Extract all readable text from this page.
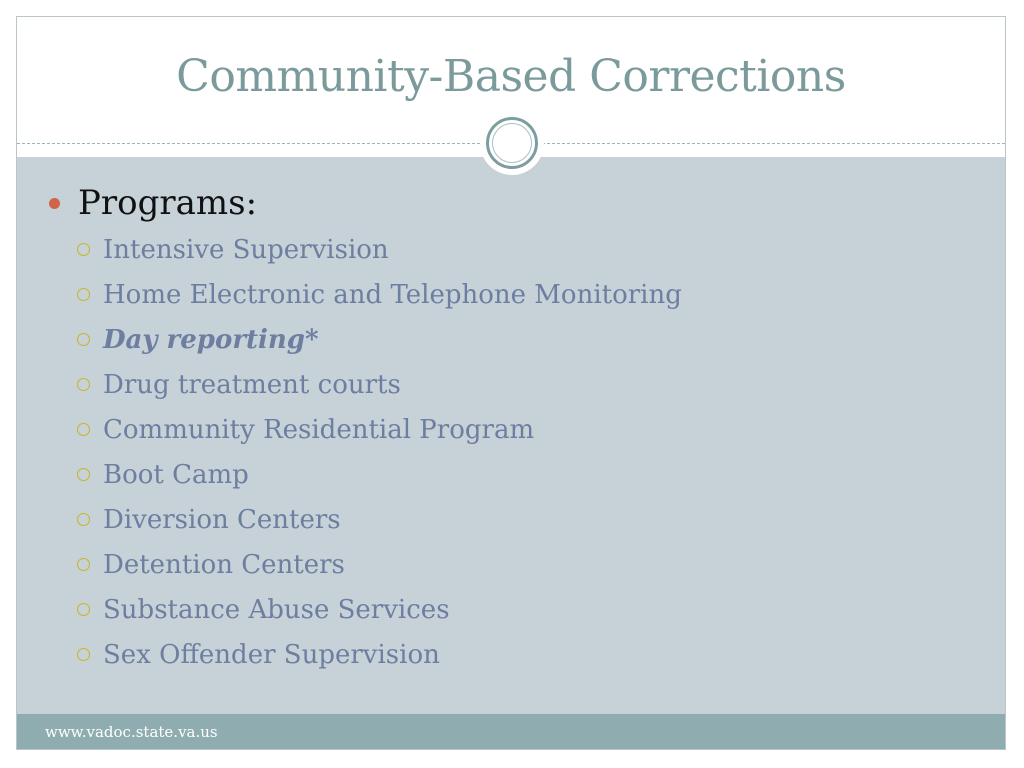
Community-Based Corrections
Programs:
Intensive Supervision
Home Electronic and Telephone Monitoring
Day reporting*
Drug treatment courts
Community Residential Program
Boot Camp
Diversion Centers
Detention Centers
Substance Abuse Services
Sex Offender Supervision
www.vadoc.state.va.us
